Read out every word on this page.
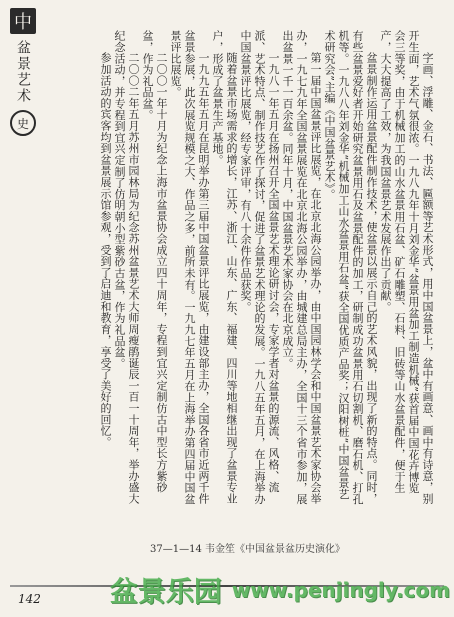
中
盆景艺术
史	字画、浮雕、金石、书法、匾额等艺术形式，用中国盆景上，盆中有画意、画中有诗意，别开生面，艺术气氛很浓。一九八九年十月刘金华“盆景用盆加工制造机械”获首届中国花卉博览会三等奖，由于机械加工的山水盆景用石盆、矿石雕塑、石料、旧砖等山水盆景配件，便于生产，大大提高了工效，为我国盆景艺术发展作出了贡献。

盆景制作运用盆景配件制作技术，使盆景以展示自己的艺术风貌，出现了新的特点。同时，有些盆景爱好者开始研究盆景用石及盆景配件的加工，研制成功盆景用石切割机、磨石机、打孔机等。一九八八年刘金华“机械加工山水盆景用石盆”获全国优质产品奖；汉阳树桩“中国盆景艺术研究会”主编《中国盆景艺术》。

第一届中国盆景评比展览，在北京北海公园举办，由中国园林学会和中国盆景艺术家协会举办，一九七九年全国盆景展览在北京北海公园举办，由城建总局主办，全国十三个省市参加，展出盆景一千一百余盆。同年十月，中国盆景艺术家协会在北京成立。

一九八一年五月在扬州召开全国盆景艺术理论研讨会，专家学者对盆景的源流、风格、流派、艺术特点、制作技艺作了探讨，促进了盆景艺术理论的发展。一九八五年五月，在上海举办中国盆景评比展览，经专家评审，有八十余件作品获奖。

随着盆景市场需求的增长，江苏、浙江、山东、广东、福建、四川等地相继出现了盆景专业户，形成了盆景生产基地。

一九九五年五月在昆明举办第三届中国盆景评比展览，由建设部主办，全国各省市近两千件盆景参展，此次展览规模之大、作品之多，前所未有。一九九七年五月在上海举办第四届中国盆景评比展览。

二〇〇一年十月为纪念上海市盆景协会成立四十周年，专程到宜兴定制仿古中型长方紫砂盆，作为礼品盆。

二〇〇二年五月苏州市园林局为纪念苏州盆景艺术大师周瘦鹃诞辰一百一十周年，举办盛大纪念活动，并专程到宜兴定制了仿明朝小型紫砂古盆，作为礼品盆。

参加活动的宾客均到盆景展示馆参观，受到了启迪和教育，享受了美好的回忆。

37—1—14 韦金笙《中国盆景盆历史演化》
142 盆景乐园 www.penjingly.com
